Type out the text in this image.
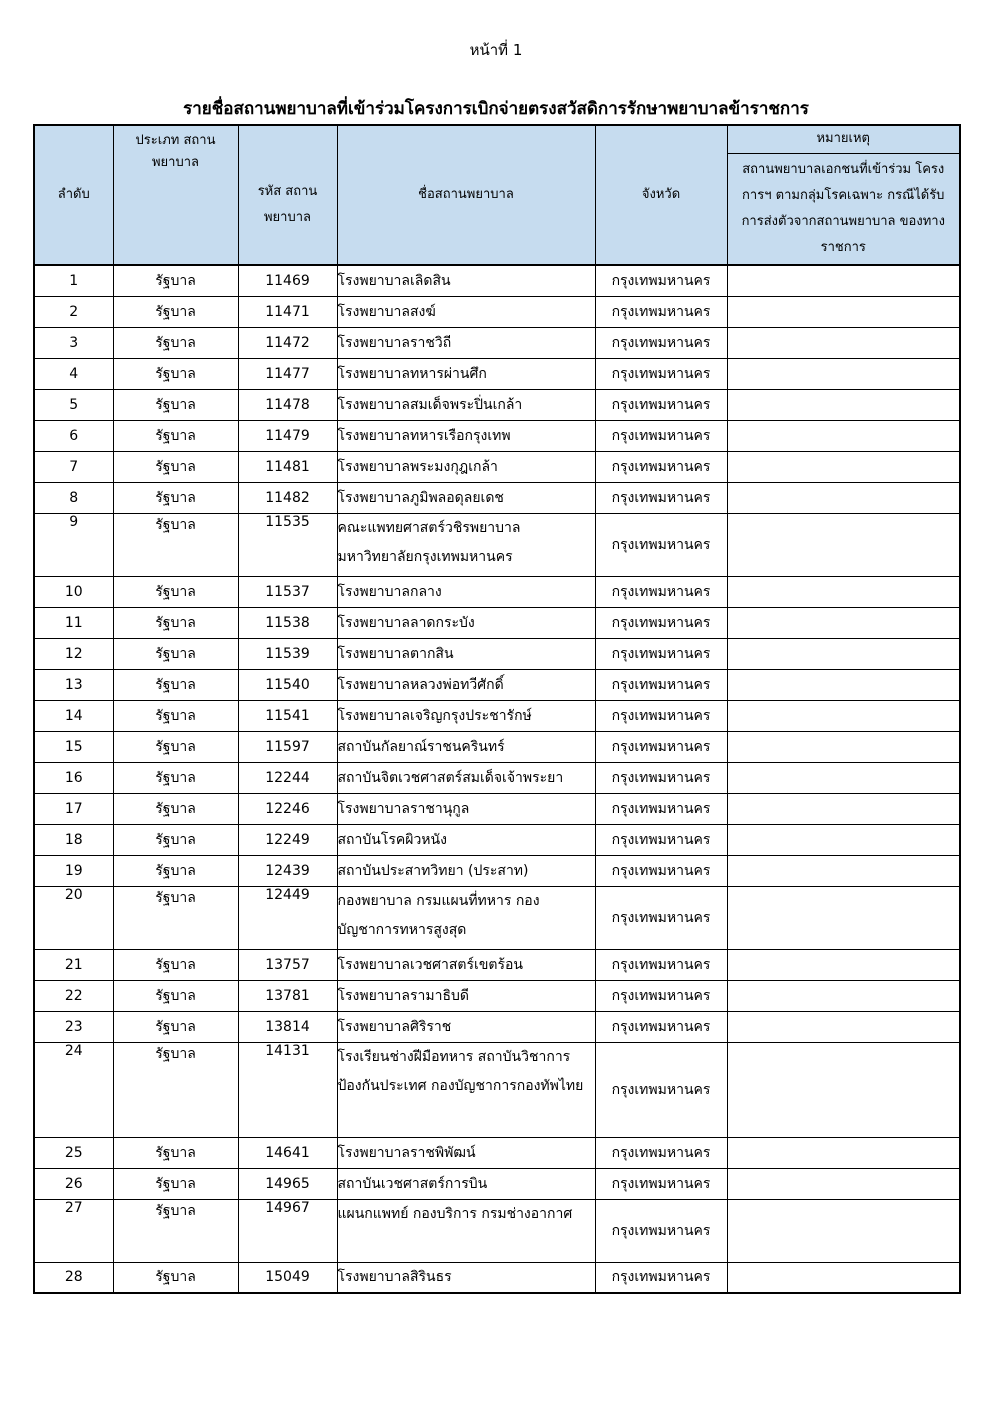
หน้าที่ 1
รายชื่อสถานพยาบาลที่เข้าร่วมโครงการเบิกจ่ายตรงสวัสดิการรักษาพยาบาลข้าราชการ
ลำดับ	ประเภท สถานพยาบาล	รหัส สถานพยาบาล	ชื่อสถานพยาบาล	จังหวัด	หมายเหตุ

					สถานพยาบาลเอกชนที่เข้าร่วม โครงการฯ ตามกลุ่มโรคเฉพาะ กรณีได้รับการส่งตัวจากสถานพยาบาล ของทางราชการ

1	รัฐบาล	11469	โรงพยาบาลเลิดสิน	กรุงเทพมหานคร	
2	รัฐบาล	11471	โรงพยาบาลสงฆ์	กรุงเทพมหานคร	
3	รัฐบาล	11472	โรงพยาบาลราชวิถี	กรุงเทพมหานคร	
4	รัฐบาล	11477	โรงพยาบาลทหารผ่านศึก	กรุงเทพมหานคร	
5	รัฐบาล	11478	โรงพยาบาลสมเด็จพระปิ่นเกล้า	กรุงเทพมหานคร	
6	รัฐบาล	11479	โรงพยาบาลทหารเรือกรุงเทพ	กรุงเทพมหานคร	
7	รัฐบาล	11481	โรงพยาบาลพระมงกุฎเกล้า	กรุงเทพมหานคร	
8	รัฐบาล	11482	โรงพยาบาลภูมิพลอดุลยเดช	กรุงเทพมหานคร	
9	รัฐบาล	11535	คณะแพทยศาสตร์วชิรพยาบาล มหาวิทยาลัยกรุงเทพมหานคร	กรุงเทพมหานคร	
10	รัฐบาล	11537	โรงพยาบาลกลาง	กรุงเทพมหานคร	
11	รัฐบาล	11538	โรงพยาบาลลาดกระบัง	กรุงเทพมหานคร	
12	รัฐบาล	11539	โรงพยาบาลตากสิน	กรุงเทพมหานคร	
13	รัฐบาล	11540	โรงพยาบาลหลวงพ่อทวีศักดิ์	กรุงเทพมหานคร	
14	รัฐบาล	11541	โรงพยาบาลเจริญกรุงประชารักษ์	กรุงเทพมหานคร	
15	รัฐบาล	11597	สถาบันกัลยาณ์ราชนครินทร์	กรุงเทพมหานคร	
16	รัฐบาล	12244	สถาบันจิตเวชศาสตร์สมเด็จเจ้าพระยา	กรุงเทพมหานคร	
17	รัฐบาล	12246	โรงพยาบาลราชานุกูล	กรุงเทพมหานคร	
18	รัฐบาล	12249	สถาบันโรคผิวหนัง	กรุงเทพมหานคร	
19	รัฐบาล	12439	สถาบันประสาทวิทยา (ประสาท)	กรุงเทพมหานคร	
20	รัฐบาล	12449	กองพยาบาล กรมแผนที่ทหาร กองบัญชาการทหารสูงสุด	กรุงเทพมหานคร	
21	รัฐบาล	13757	โรงพยาบาลเวชศาสตร์เขตร้อน	กรุงเทพมหานคร	
22	รัฐบาล	13781	โรงพยาบาลรามาธิบดี	กรุงเทพมหานคร	
23	รัฐบาล	13814	โรงพยาบาลศิริราช	กรุงเทพมหานคร	
24	รัฐบาล	14131	โรงเรียนช่างฝีมือทหาร สถาบันวิชาการป้องกันประเทศ กองบัญชาการกองทัพไทย	กรุงเทพมหานคร	
25	รัฐบาล	14641	โรงพยาบาลราชพิพัฒน์	กรุงเทพมหานคร	
26	รัฐบาล	14965	สถาบันเวชศาสตร์การบิน	กรุงเทพมหานคร	
27	รัฐบาล	14967	แผนกแพทย์ กองบริการ กรมช่างอากาศ	กรุงเทพมหานคร	
28	รัฐบาล	15049	โรงพยาบาลสิรินธร	กรุงเทพมหานคร	
